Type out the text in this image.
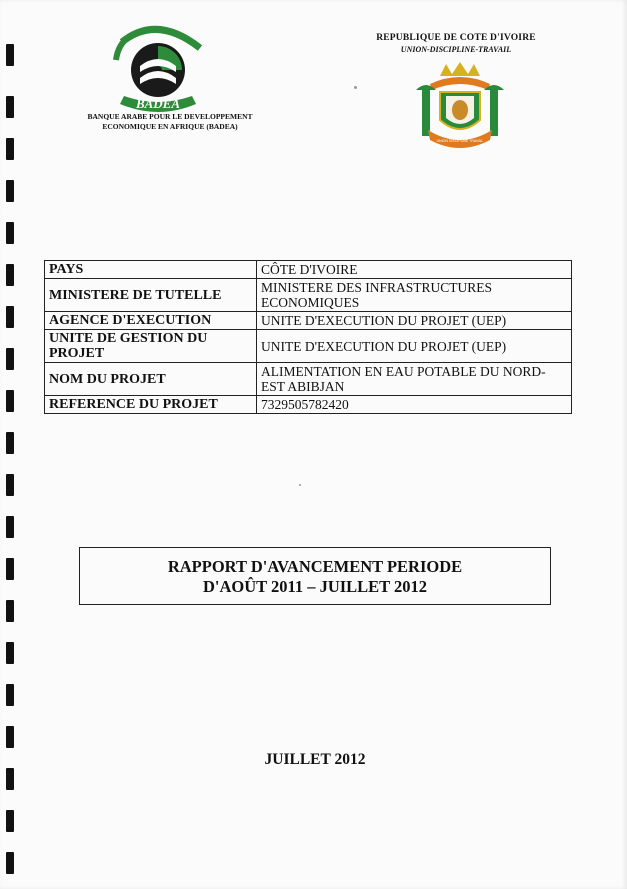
BADEA
BANQUE ARABE POUR LE DEVELOPPEMENT
ECONOMIQUE EN AFRIQUE (BADEA)
REPUBLIQUE DE COTE D'IVOIRE
UNION-DISCIPLINE-TRAVAIL
UNION DISCIPLINE TRAVAIL
PAYS	CÔTE D'IVOIRE
MINISTERE DE TUTELLE	MINISTERE DES INFRASTRUCTURES ECONOMIQUES
AGENCE D'EXECUTION	UNITE D'EXECUTION DU PROJET (UEP)
UNITE DE GESTION DU PROJET	UNITE D'EXECUTION DU PROJET (UEP)
NOM DU PROJET	ALIMENTATION EN EAU POTABLE DU NORD-EST ABIBJAN
REFERENCE DU PROJET	7329505782420
RAPPORT D'AVANCEMENT PERIODE
D'AOÛT 2011 – JUILLET 2012
JUILLET 2012
